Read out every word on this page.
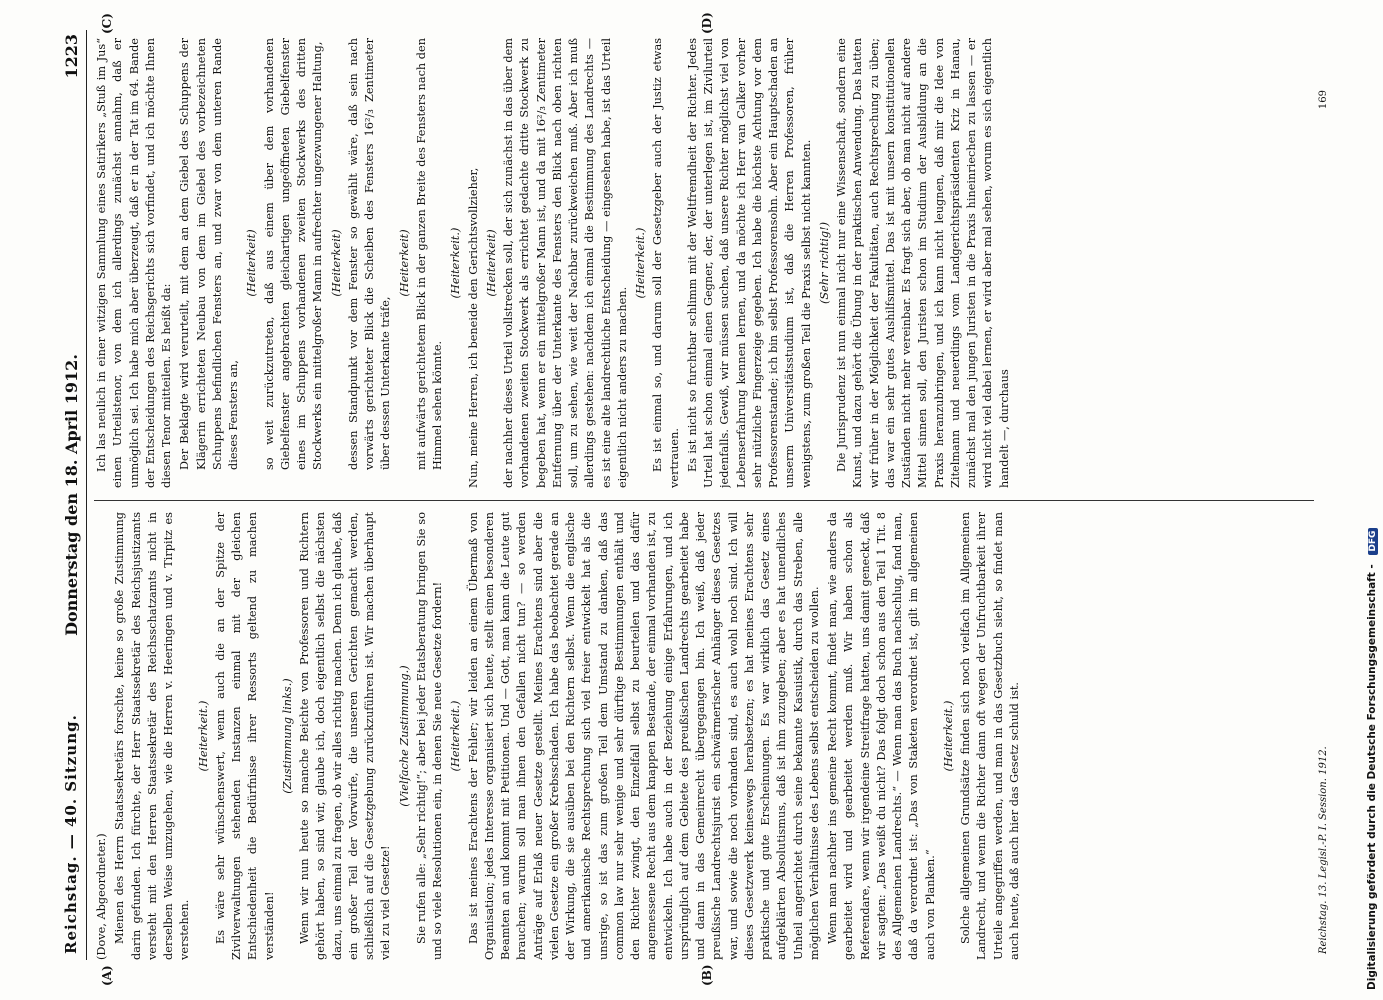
Reichstag. — 40. Sitzung.
Donnerstag den 18. April 1912.
1223

(Dove, Abgeordneter.) Mienen des Herrn Staatssekretärs forschte, keine so große Zustimmung darin gefunden. Ich fürchte, der Herr Staatssekretär des Reichsjustizamts versteht mit den Herren Staatssekretär des Reichsschatzamts nicht in derselben Weise umzugehen, wie die Herren v. Heeringen und v. Tirpitz es verstehen.

(Heiterkeit.) Es wäre sehr wünschenswert, wenn auch die an der Spitze der Zivilverwaltungen stehenden Instanzen einmal mit der gleichen Entschiedenheit die Bedürfnisse ihrer Ressorts geltend zu machen verständen!

(Zustimmung links.) Wenn wir nun heute so manche Beichte von Professoren und Richtern gehört haben, so sind wir, glaube ich, doch eigentlich selbst die nächsten dazu, uns einmal zu fragen, ob wir alles richtig machen. Denn ich glaube, daß ein großer Teil der Vorwürfe, die unseren Gerichten gemacht werden, schließlich auf die Gesetzgebung zurückzuführen ist. Wir machen überhaupt viel zu viel Gesetze!

(Vielfache Zustimmung.) Sie rufen alle: „Sehr richtig!“; aber bei jeder Etatsberatung bringen Sie so und so viele Resolutionen ein, in denen Sie neue Gesetze fordern! (Heiterkeit.) Das ist meines Erachtens der Fehler; wir leiden an einem Übermaß von Organisation; jedes Interesse organisiert sich heute, stellt einen besonderen Beamten an und kommt mit Petitionen. Und — Gott, man kann die Leute gut brauchen; warum soll man ihnen den Gefallen nicht tun? — so werden Anträge auf Erlaß neuer Gesetze gestellt. Meines Erachtens sind aber die vielen Gesetze ein großer Krebsschaden. Ich habe das beobachtet gerade an der Wirkung, die sie ausüben bei den Richtern selbst. Wenn die englische und amerikanische Rechtsprechung sich viel freier entwickelt hat als die unsrige, so ist das zum großen Teil dem Umstand zu danken, daß das common law nur sehr wenige und sehr dürftige Bestimmungen enthält und den Richter zwingt, den Einzelfall selbst zu beurteilen und das dafür angemessene Recht aus dem knappen Bestande, der einmal vorhanden ist, zu entwickeln. Ich habe auch in der Beziehung einige Erfahrungen, und ich ursprünglich auf dem Gebiete des preußischen Landrechts gearbeitet habe und dann in das Gemeinrecht übergegangen bin. Ich weiß, daß jeder preußische Landrechtsjurist ein schwärmerischer Anhänger dieses Gesetzes war, und sowie die noch vorhanden sind, es auch wohl noch sind. Ich will dieses Gesetzwerk keineswegs herabsetzen; es hat meines Erachtens sehr praktische und gute Erscheinungen. Es war wirklich das Gesetz eines aufgeklärten Absolutismus, daß ist ihm zuzugeben; aber es hat unendliches Unheil angerichtet durch seine bekannte Kasuistik, durch das Streben, alle möglichen Verhältnisse des Lebens selbst entscheiden zu wollen. Wenn man nachher ins gemeine Recht kommt, findet man, wie anders da gearbeitet wird und gearbeitet werden muß. Wir haben schon als Referendare, wenn wir irgendeine Streitfrage hatten, uns damit geneckt, daß wir sagten: „Das weißt du nicht? Das folgt doch schon aus den Teil 1 Tit. 8 des Allgemeinen Landrechts.“ — Wenn man das Buch nachschlug, fand man, daß da verordnet ist: „Das von Staketen verordnet ist, gilt im allgemeinen auch von Planken.“

(Heiterkeit.) Solche allgemeinen Grundsätze finden sich noch vielfach im Allgemeinen Landrecht, und wenn die Richter dann oft wegen der Unfruchtbarkeit ihrer Urteile angegriffen werden, und man in das Gesetzbuch sieht, so findet man auch heute, daß auch hier das Gesetz schuld ist.

Ich las neulich in einer witzigen Sammlung eines Satirikers „Stuß im Jus“ einen Urteilstenor, von dem ich allerdings zunächst annahm, daß er unmöglich sei. Ich habe mich aber überzeugt, daß er in der Tat im 64. Bande der Entscheidungen des Reichsgerichts sich vorfindet, und ich möchte Ihnen diesen Tenor mitteilen. Es heißt da: Der Beklagte wird verurteilt, mit dem an dem Giebel des Schuppens der Klägerin errichteten Neubau von dem im Giebel des vorbezeichneten Schuppens befindlichen Fensters an, und zwar von dem unteren Rande dieses Fensters an,

(Heiterkeit) so weit zurückzutreten, daß aus einem über dem vorhandenen Giebelfenster angebrachten gleichartigen ungeöffneten Giebelfenster eines im Schuppens vorhandenen zweiten Stockwerks des dritten Stockwerks ein mittelgroßer Mann in aufrechter ungezwungener Haltung, (Heiterkeit) dessen Standpunkt vor dem Fenster so gewählt wäre, daß sein nach vorwärts gerichteter Blick die Scheiben des Fensters 16²/₃ Zentimeter über dessen Unterkante träfe,

(Heiterkeit) mit aufwärts gerichtetem Blick in der ganzen Breite des Fensters nach den Himmel sehen könnte.

(Heiterkeit.) Nun, meine Herren, ich beneide den Gerichtsvollzieher, (Heiterkeit) der nachher dieses Urteil vollstrecken soll, der sich zunächst in das über dem vorhandenen zweiten Stockwerk als errichtet gedachte dritte Stockwerk zu begeben hat, wenn er ein mittelgroßer Mann ist, und da mit 16²/₃ Zentimeter Entfernung über der Unterkante des Fensters den Blick nach oben richten soll, um zu sehen, wie weit der Nachbar zurückweichen muß. Aber ich muß allerdings gestehen: nachdem ich einmal die Bestimmung des Landrechts — es ist eine alte landrechtliche Entscheidung — eingesehen habe, ist das Urteil eigentlich nicht anders zu machen.

(Heiterkeit.) Es ist einmal so, und darum soll der Gesetzgeber auch der Justiz etwas vertrauen. Es ist nicht so furchtbar schlimm mit der Weltfremdheit der Richter. Jedes Urteil hat schon einmal einen Gegner, der, der unterlegen ist, im Zivilurteil jedenfalls. Gewiß, wir müssen suchen, daß unsere Richter möglichst viel von Lebenserfahrung kennen lernen, und da möchte ich Herr van Calker vorher sehr nützliche Fingerzeige gegeben. Ich habe die höchste Achtung vor dem Professorenstande; ich bin selbst Professorensohn. Aber ein Hauptschaden an unserm Universitätsstudium ist, daß die Herren Professoren, früher wenigstens, zum großen Teil die Praxis selbst nicht kannten. (Sehr richtig!) Die Jurisprudenz ist nun einmal nicht nur eine Wissenschaft, sondern eine Kunst, und dazu gehört die Übung in der praktischen Anwendung. Das hatten wir früher in der Möglichkeit der Fakultäten, auch Rechtsprechung zu üben; das war ein sehr gutes Aushilfsmittel. Das ist mit unsern konstitutionellen Zuständen nicht mehr vereinbar. Es fragt sich aber, ob man nicht auf andere Mittel sinnen soll, den Juristen schon im Studium der Ausbildung an die Praxis heranzubringen, und ich kann nicht leugnen, daß mir die Idee von Zitelmann und neuerdings vom Landgerichtspräsidenten Kriz in Hanau, zunächst mal den jungen Juristen in die Praxis hineinriechen zu lassen — er wird nicht viel dabei lernen, er wird aber mal sehen, worum es sich eigentlich handelt —, durchaus

(A)	(B)
(C)	(D)
Reichstag. 13. Legisl.-P. I. Session. 1912.
169
Digitalisierung gefördert durch die Deutsche Forschungsgemeinschaft - DFG
